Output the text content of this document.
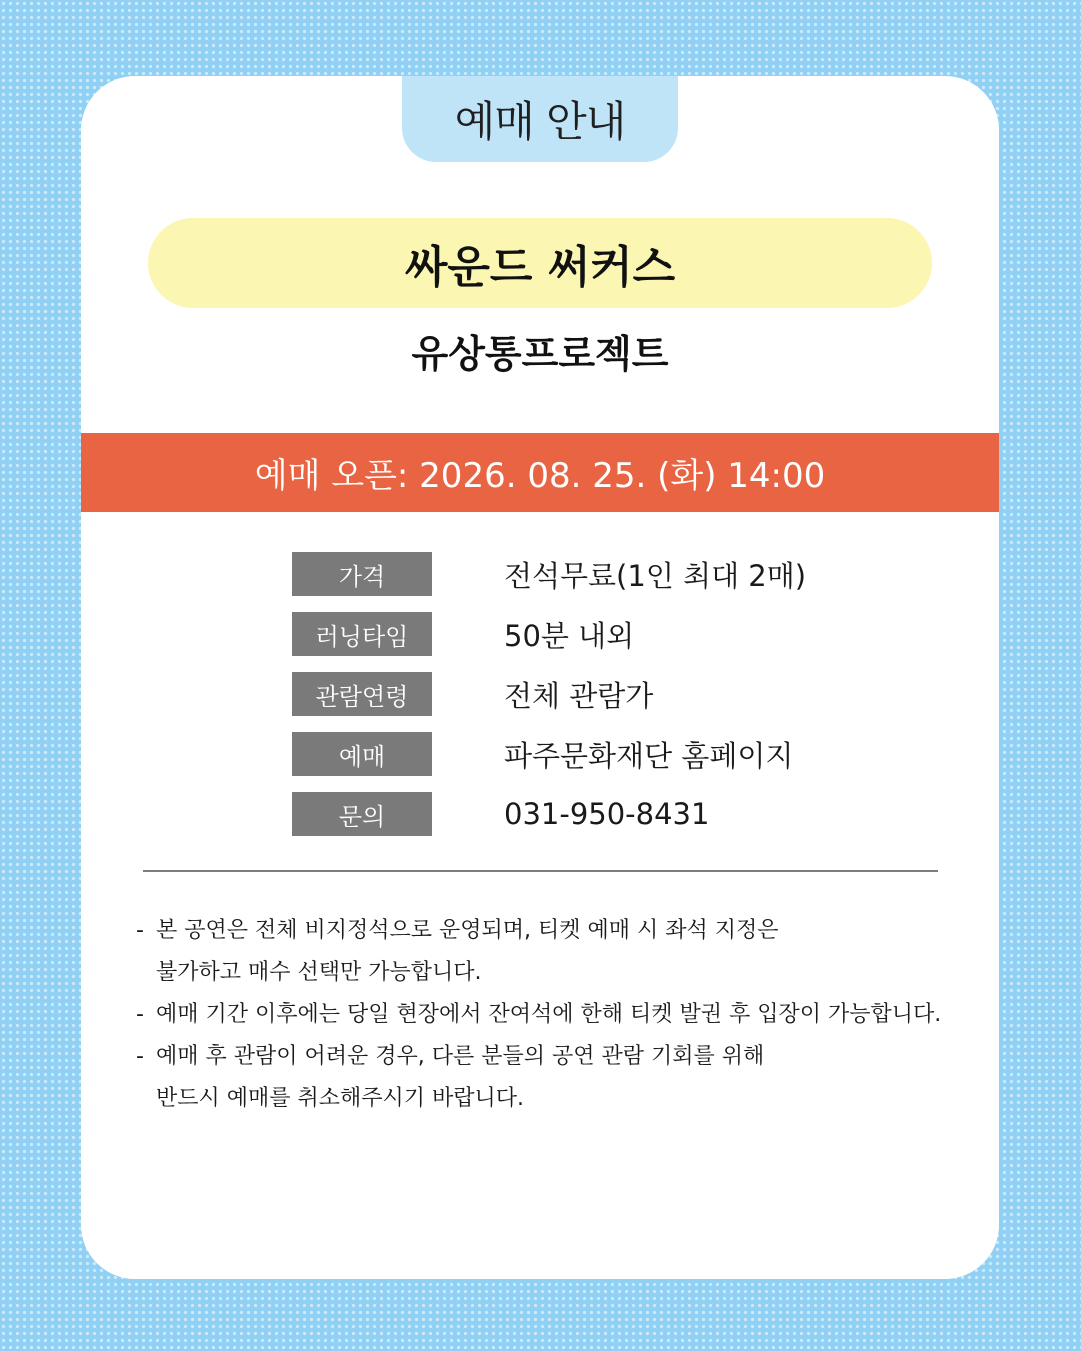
예매 안내
싸운드 써커스
유상통프로젝트
예매 오픈: 2026. 08. 25. (화) 14:00
가격	전석무료(1인 최대 2매)
러닝타임	50분 내외
관람연령	전체 관람가
예매	파주문화재단 홈페이지
문의	031-950-8431
- 본 공연은 전체 비지정석으로 운영되며, 티켓 예매 시 좌석 지정은
불가하고 매수 선택만 가능합니다.
- 예매 기간 이후에는 당일 현장에서 잔여석에 한해 티켓 발권 후 입장이 가능합니다.
- 예매 후 관람이 어려운 경우, 다른 분들의 공연 관람 기회를 위해
반드시 예매를 취소해주시기 바랍니다.
